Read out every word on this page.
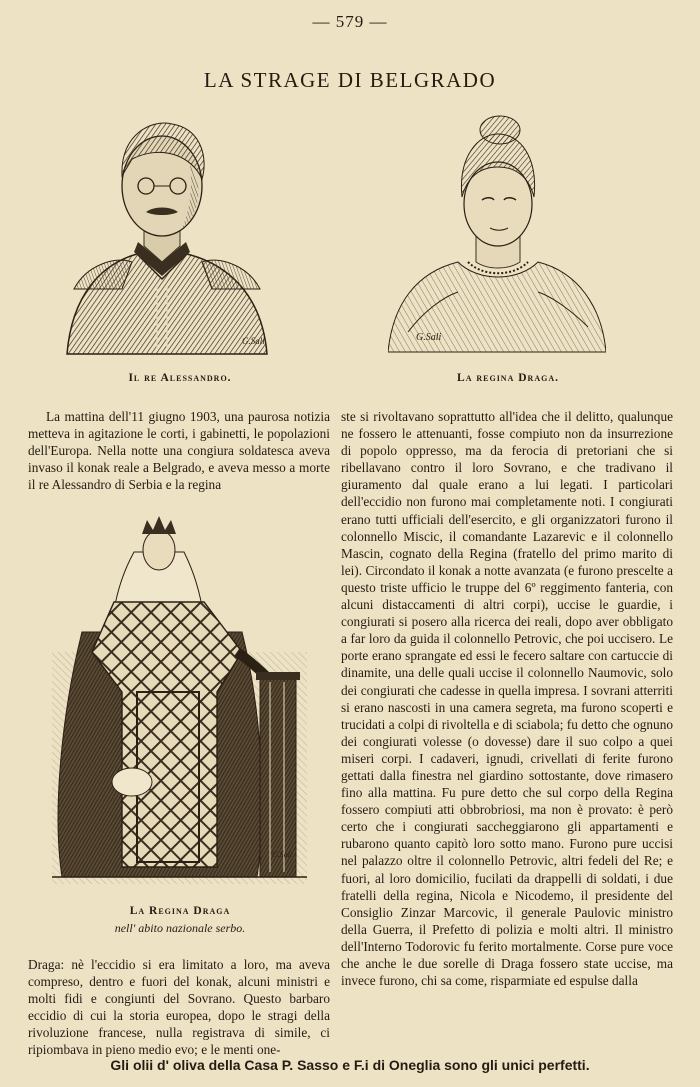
— 579 —
LA STRAGE DI BELGRADO
G.Sali
Il re Alessandro.
G.Sali
La regina Draga.

La mattina dell'11 giugno 1903, una paurosa notizia metteva in agitazione le corti, i gabinetti, le popolazioni dell'Europa. Nella notte una congiura soldatesca aveva invaso il konak reale a Belgrado, e aveva messo a morte il re Alessandro di Serbia e la regina

G.Sali
La Regina Draga
nell' abito nazionale serbo.

Draga: nè l'eccidio si era limitato a loro, ma aveva compreso, dentro e fuori del konak, alcuni ministri e molti fidi e congiunti del Sovrano. Questo barbaro eccidio di cui la storia europea, dopo le stragi della rivoluzione francese, nulla registrava di simile, ci ripiombava in pieno medio evo; e le menti one-

ste si rivoltavano soprattutto all'idea che il delitto, qualunque ne fossero le attenuanti, fosse compiuto non da insurrezione di popolo oppresso, ma da ferocia di pretoriani che si ribellavano contro il loro Sovrano, e che tradivano il giuramento dal quale erano a lui legati. I particolari dell'eccidio non furono mai completamente noti. I congiurati erano tutti ufficiali dell'esercito, e gli organizzatori furono il colonnello Miscic, il comandante Lazarevic e il colonnello Mascin, cognato della Regina (fratello del primo marito di lei). Circondato il konak a notte avanzata (e furono prescelte a questo triste ufficio le truppe del 6º reggimento fanteria, con alcuni distaccamenti di altri corpi), uccise le guardie, i congiurati si posero alla ricerca dei reali, dopo aver obbligato a far loro da guida il colonnello Petrovic, che poi uccisero. Le porte erano sprangate ed essi le fecero saltare con cartuccie di dinamite, una delle quali uccise il colonnello Naumovic, solo dei congiurati che cadesse in quella impresa. I sovrani atterriti si erano nascosti in una camera segreta, ma furono scoperti e trucidati a colpi di rivoltella e di sciabola; fu detto che ognuno dei congiurati volesse (o dovesse) dare il suo colpo a quei miseri corpi. I cadaveri, ignudi, crivellati di ferite furono gettati dalla finestra nel giardino sottostante, dove rimasero fino alla mattina. Fu pure detto che sul corpo della Regina fossero compiuti atti obbrobriosi, ma non è provato: è però certo che i congiurati saccheggiarono gli appartamenti e rubarono quanto capitò loro sotto mano. Furono pure uccisi nel palazzo oltre il colonnello Petrovic, altri fedeli del Re; e fuori, al loro domicilio, fucilati da drappelli di soldati, i due fratelli della regina, Nicola e Nicodemo, il presidente del Consiglio Zinzar Marcovic, il generale Paulovic ministro della Guerra, il Prefetto di polizia e molti altri. Il ministro dell'Interno Todorovic fu ferito mortalmente. Corse pure voce che anche le due sorelle di Draga fossero state uccise, ma invece furono, chi sa come, risparmiate ed espulse dalla

Gli olii d' oliva della Casa P. Sasso e F.i di Oneglia sono gli unici perfetti.
